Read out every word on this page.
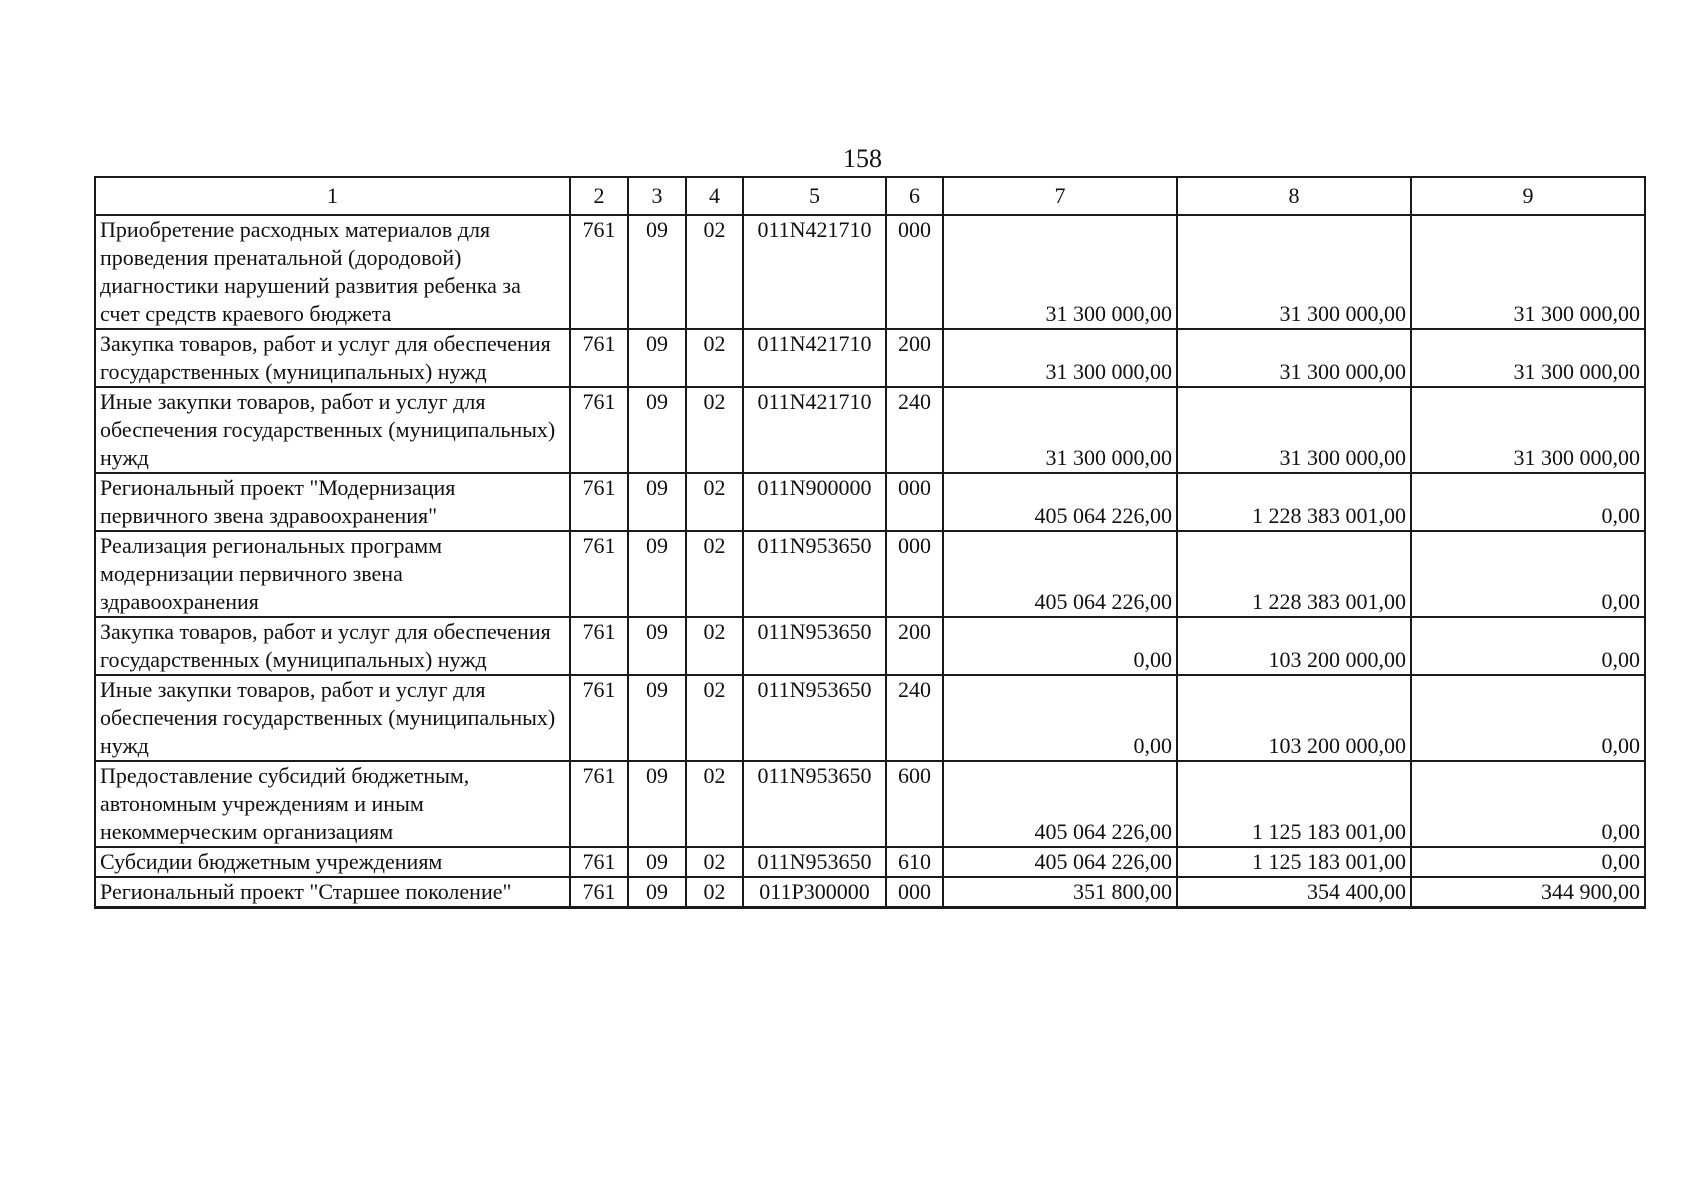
158
1	2	3	4	5	6	7	8	9
Приобретение расходных материалов для проведения пренатальной (дородовой) диагностики нарушений развития ребенка за счет средств краевого бюджета	761	09	02	011N421710	000	31 300 000,00	31 300 000,00	31 300 000,00
Закупка товаров, работ и услуг для обеспечения государственных (муниципальных) нужд	761	09	02	011N421710	200	31 300 000,00	31 300 000,00	31 300 000,00
Иные закупки товаров, работ и услуг для обеспечения государственных (муниципальных) нужд	761	09	02	011N421710	240	31 300 000,00	31 300 000,00	31 300 000,00
Региональный проект "Модернизация первичного звена здравоохранения"	761	09	02	011N900000	000	405 064 226,00	1 228 383 001,00	0,00
Реализация региональных программ модернизации первичного звена здравоохранения	761	09	02	011N953650	000	405 064 226,00	1 228 383 001,00	0,00
Закупка товаров, работ и услуг для обеспечения государственных (муниципальных) нужд	761	09	02	011N953650	200	0,00	103 200 000,00	0,00
Иные закупки товаров, работ и услуг для обеспечения государственных (муниципальных) нужд	761	09	02	011N953650	240	0,00	103 200 000,00	0,00
Предоставление субсидий бюджетным, автономным учреждениям и иным некоммерческим организациям	761	09	02	011N953650	600	405 064 226,00	1 125 183 001,00	0,00
Субсидии бюджетным учреждениям	761	09	02	011N953650	610	405 064 226,00	1 125 183 001,00	0,00
Региональный проект "Старшее поколение"	761	09	02	011P300000	000	351 800,00	354 400,00	344 900,00
